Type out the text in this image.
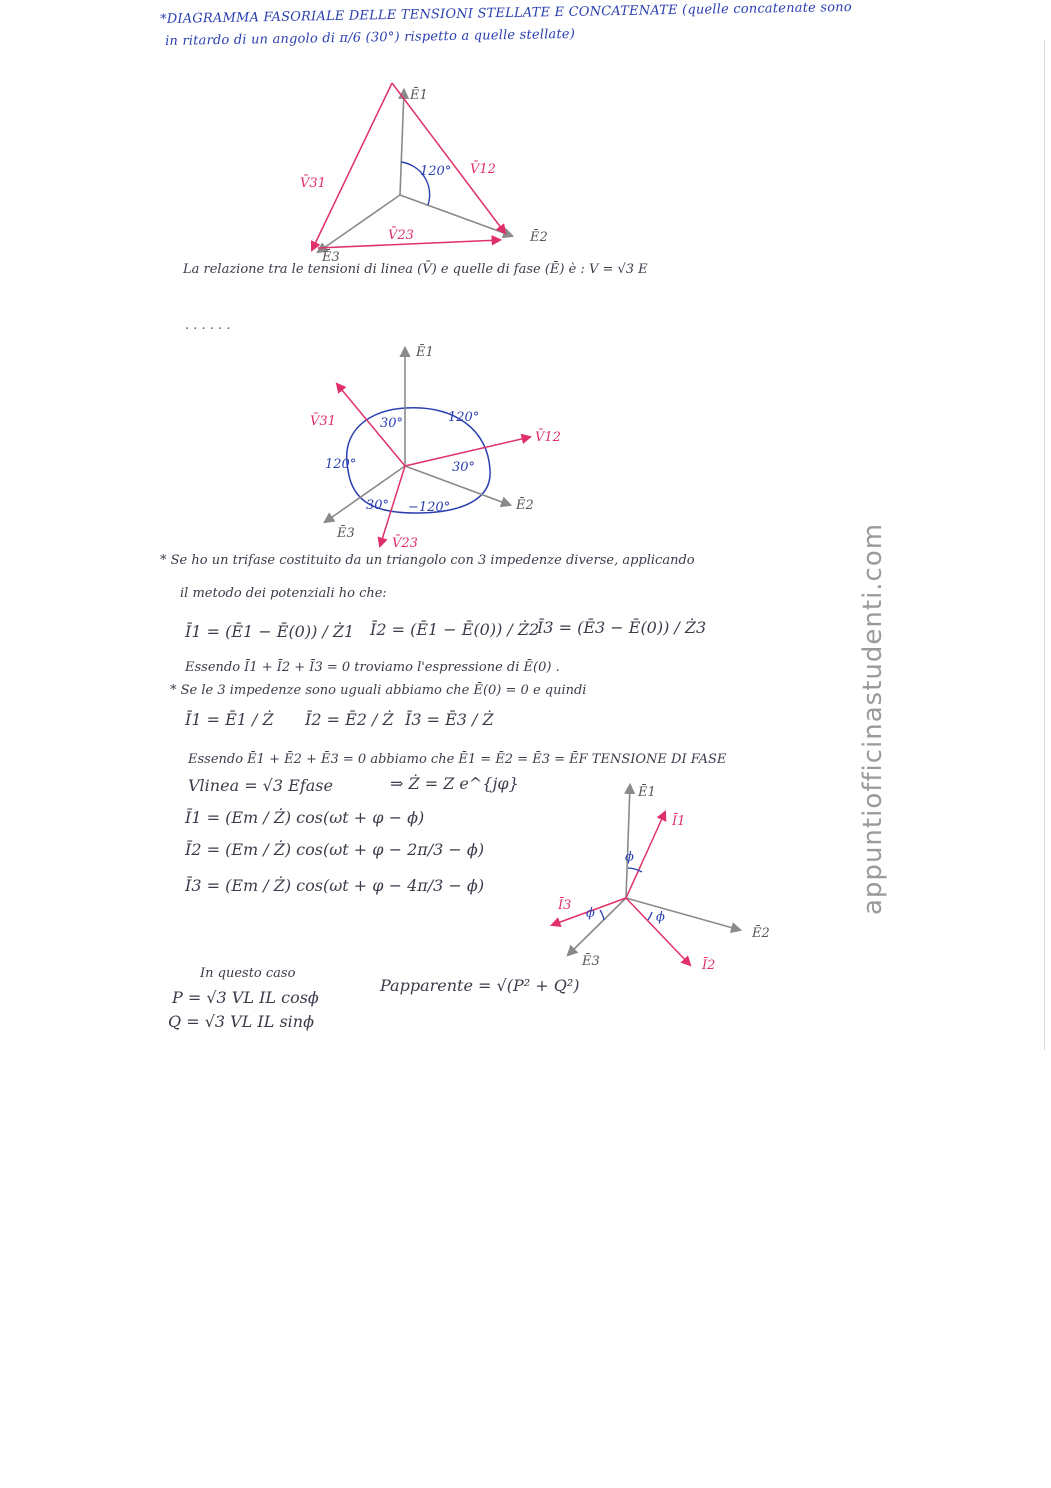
*DIAGRAMMA FASORIALE DELLE TENSIONI STELLATE E CONCATENATE (quelle concatenate sono
in ritardo di un angolo di π/6 (30°) rispetto a quelle stellate)
Ē1
Ē2
Ē3
V̄12
V̄23
V̄31
120°
La relazione tra le tensioni di linea (V̄) e quelle di fase (Ē) è : V = √3 E
. . . . . .
Ē1
Ē2
Ē3
V̄12
V̄23
V̄31	120°
120°
−120°
30°
30°
30°
* Se ho un trifase costituito da un triangolo con 3 impedenze diverse, applicando
il metodo dei potenziali ho che:
Ī1 = (Ē1 − Ē(0)) / Ż1 Ī2 = (Ē1 − Ē(0)) / Ż2
Ī3 = (Ē3 − Ē(0)) / Ż3
Essendo Ī1 + Ī2 + Ī3 = 0 troviamo l'espressione di Ē(0) .
* Se le 3 impedenze sono uguali abbiamo che Ē(0) = 0 e quindi
Ī1 = Ē1 / Ż Ī2 = Ē2 / Ż Ī3 = Ē3 / Ż
Essendo Ē1 + Ē2 + Ē3 = 0 abbiamo che Ē1 = Ē2 = Ē3 = ĒF TENSIONE DI FASE
Vlinea = √3 Efase	⇒ Ż = Z e^{jφ}
Ī1 = (Em / Ż) cos(ωt + φ − ϕ)
Ī2 = (Em / Ż) cos(ωt + φ − 2π/3 − ϕ)
Ī3 = (Em / Ż) cos(ωt + φ − 4π/3 − ϕ)
Ē1
Ē2
Ē3
Ī1
Ī2
Ī3
ϕ
ϕ
ϕ
In questo caso
P = √3 VL IL cosϕ
Q = √3 VL IL sinϕ
Papparente = √(P² + Q²)
appuntiofficinastudenti.com
